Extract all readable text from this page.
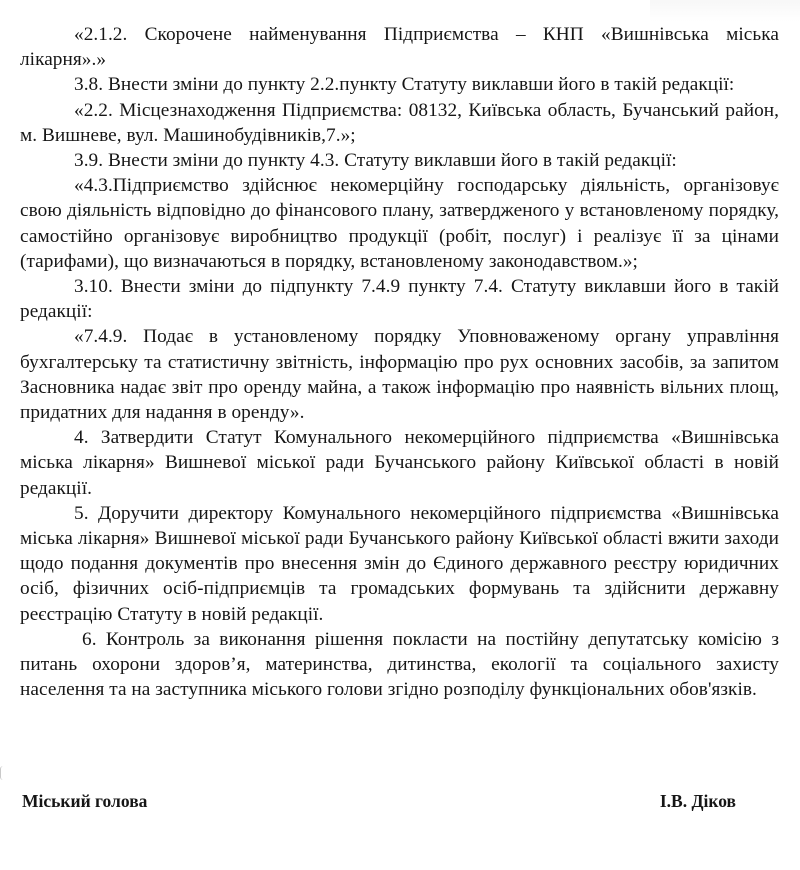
«2.1.2. Скорочене найменування Підприємства – КНП «Вишнівська міська лікарня».»

3.8. Внести зміни до пункту 2.2.пункту Статуту виклавши його в такій редакції:

«2.2. Місцезнаходження Підприємства: 08132, Київська область, Бучанський район, м. Вишневе, вул. Машинобудівників,7.»;

3.9. Внести зміни до пункту 4.3. Статуту виклавши його в такій редакції:

«4.3.Підприємство здійснює некомерційну господарську діяльність, організовує свою діяльність відповідно до фінансового плану, затвердженого у встановленому порядку, самостійно організовує виробництво продукції (робіт, послуг) і реалізує її за цінами (тарифами), що визначаються в порядку, встановленому законодавством.»;

3.10. Внести зміни до підпункту 7.4.9 пункту 7.4. Статуту виклавши його в такій редакції:

«7.4.9. Подає в установленому порядку Уповноваженому органу управління бухгалтерську та статистичну звітність, інформацію про рух основних засобів, за запитом Засновника надає звіт про оренду майна, а також інформацію про наявність вільних площ, придатних для надання в оренду».

4. Затвердити Статут Комунального некомерційного підприємства «Вишнівська міська лікарня» Вишневої міської ради Бучанського району Київської області в новій редакції.

5. Доручити директору Комунального некомерційного підприємства «Вишнівська міська лікарня» Вишневої міської ради Бучанського району Київської області вжити заходи щодо подання документів про внесення змін до Єдиного державного реєстру юридичних осіб, фізичних осіб-підприємців та громадських формувань та здійснити державну реєстрацію Статуту в новій редакції.

6. Контроль за виконання рішення покласти на постійну депутатську комісію з питань охорони здоров’я, материнства, дитинства, екології та соціального захисту населення та на заступника міського голови згідно розподілу функціональних обов'язків.

Міський голова	І.В. Діков
